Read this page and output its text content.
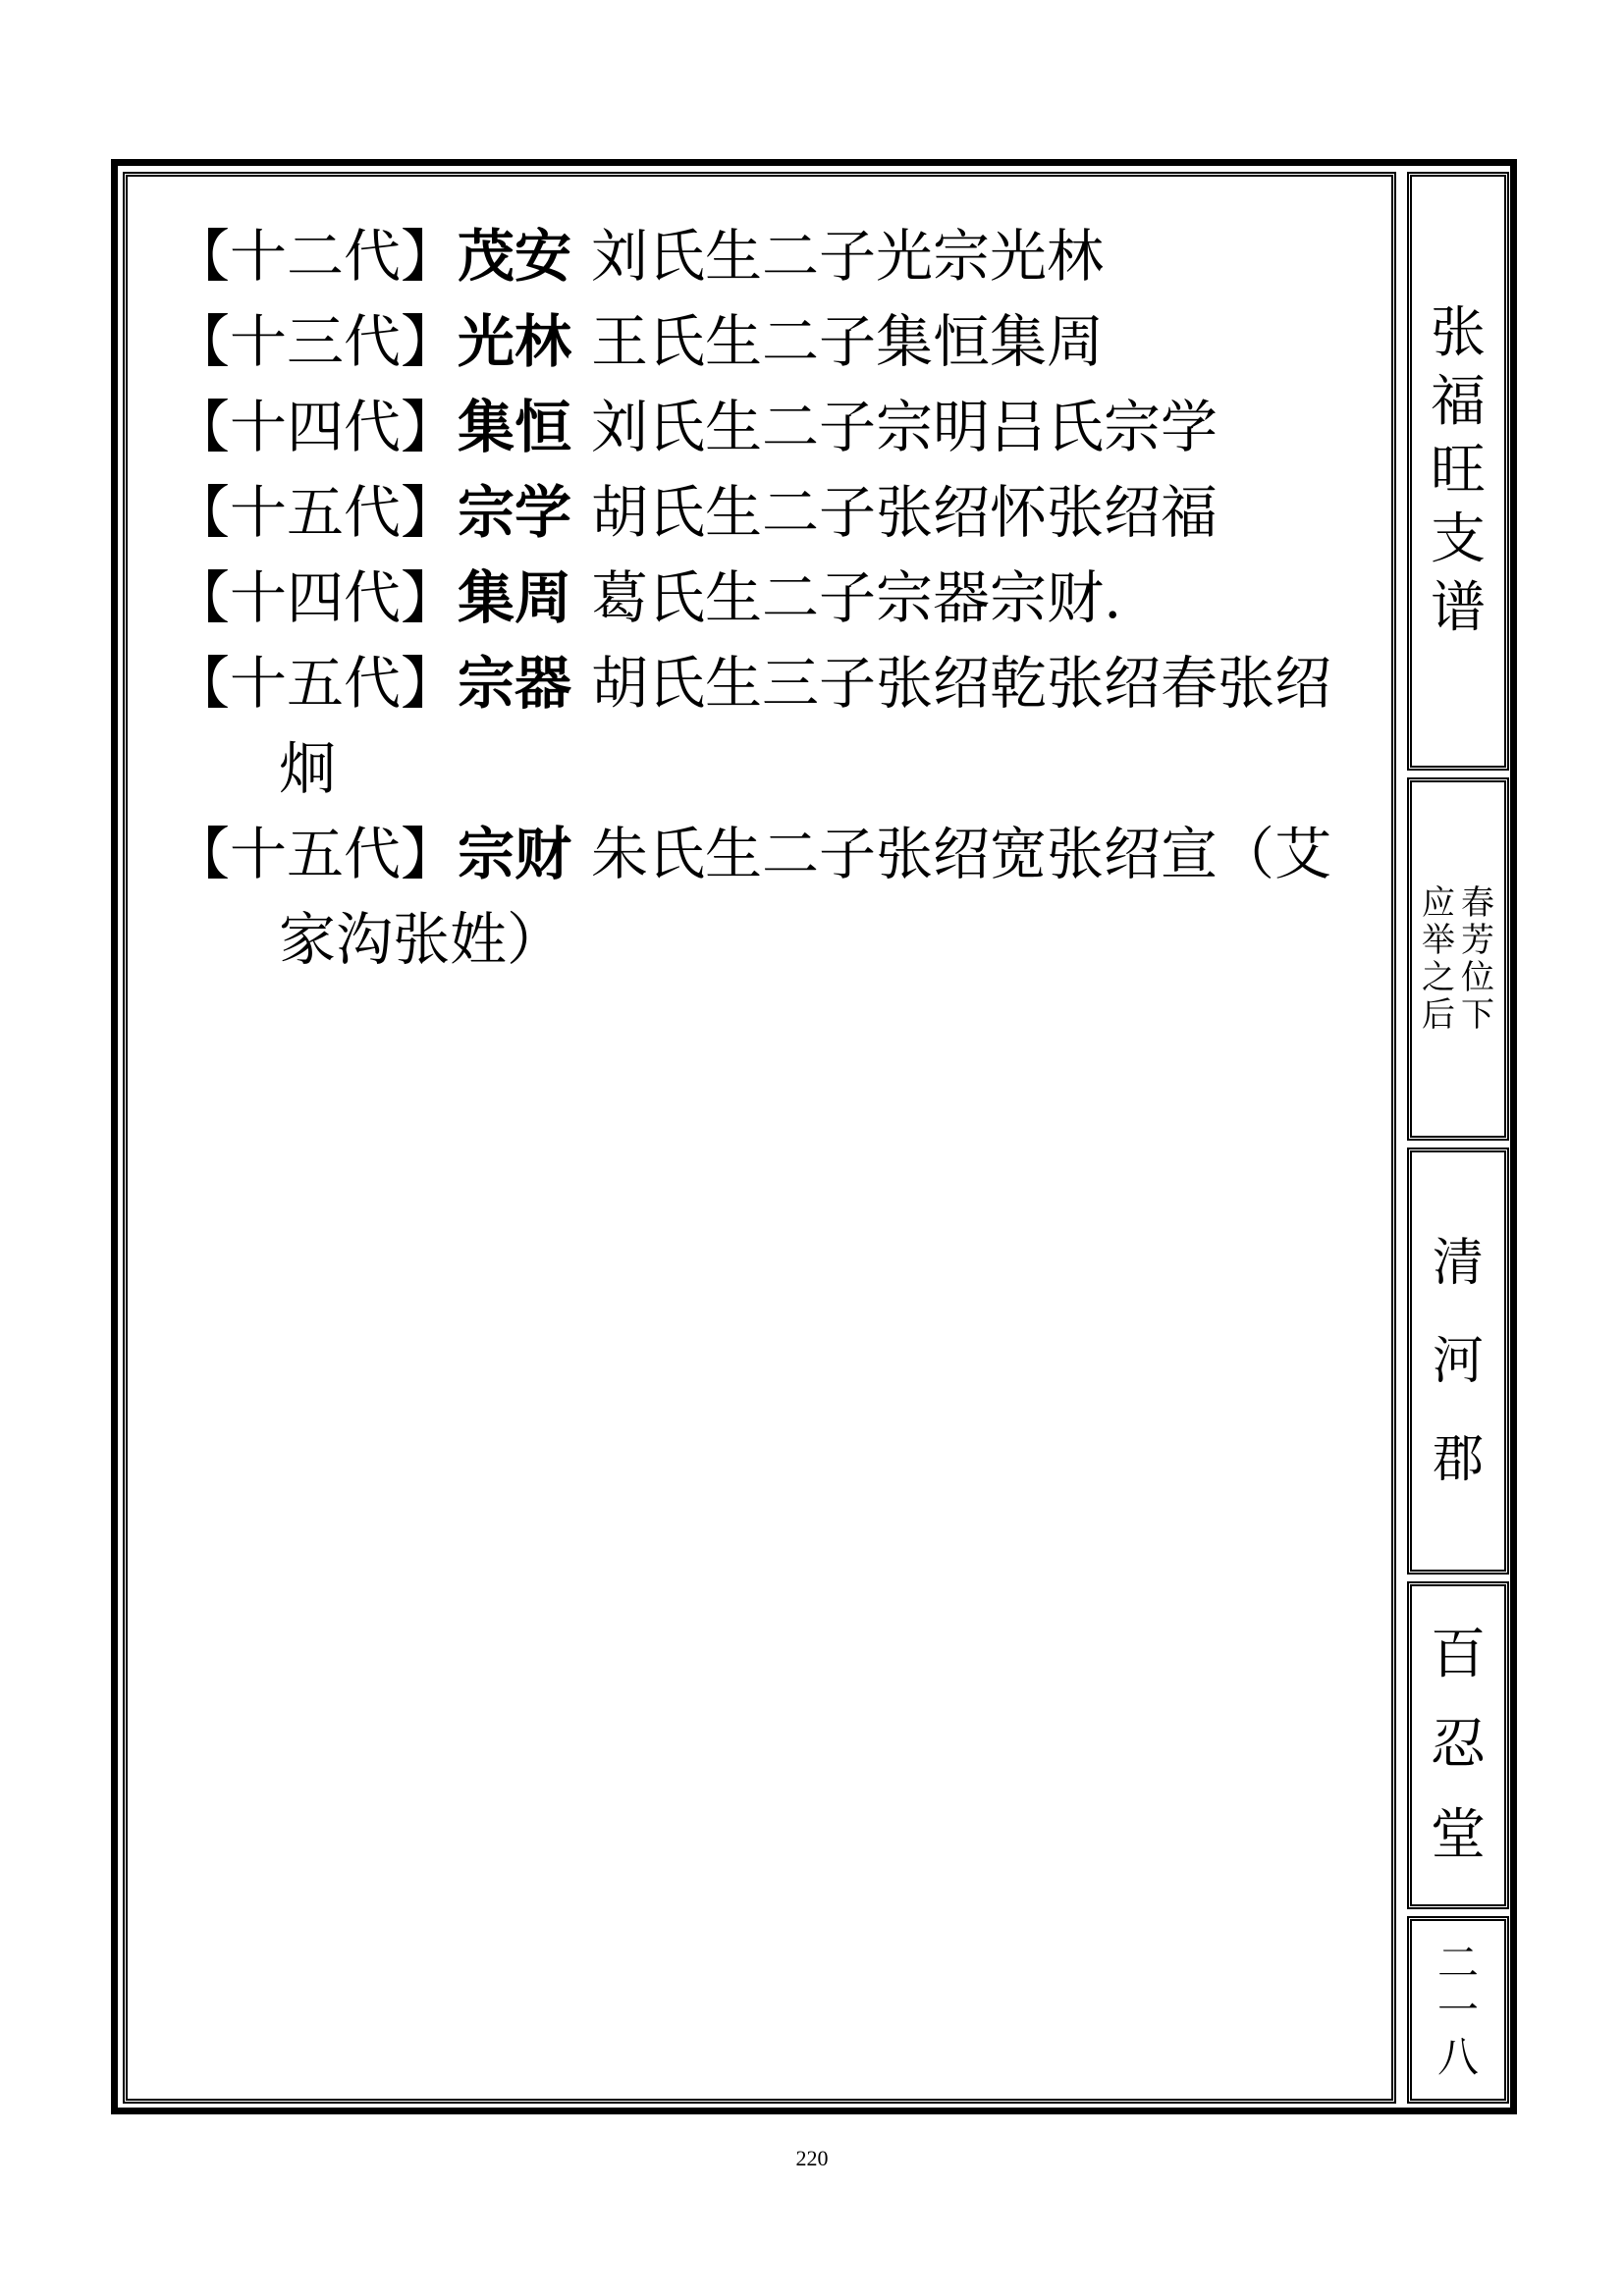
【十二代】茂安 刘氏生二子光宗光林
【十三代】光林 王氏生二子集恒集周
【十四代】集恒 刘氏生二子宗明吕氏宗学
【十五代】宗学 胡氏生二子张绍怀张绍福
【十四代】集周 葛氏生二子宗器宗财.
【十五代】宗器 胡氏生三子张绍乾张绍春张绍炯
【十五代】宗财 朱氏生二子张绍宽张绍宣（艾家沟张姓）
张福旺支谱
春芳位下
应举之后
清河郡
百忍堂
二一八
220
